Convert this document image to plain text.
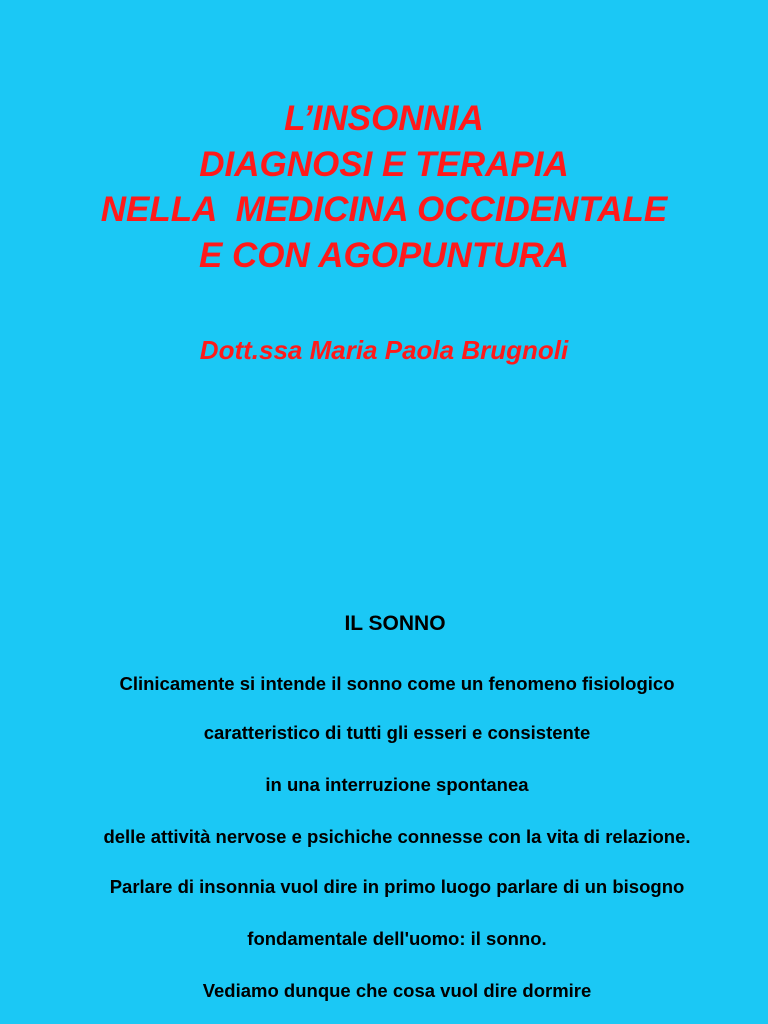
L’INSONNIA
DIAGNOSI E TERAPIA
NELLA  MEDICINA OCCIDENTALE
E CON AGOPUNTURA
Dott.ssa Maria Paola Brugnoli
IL SONNO
Clinicamente si intende il sonno come un fenomeno fisiologico
caratteristico di tutti gli esseri e consistente
in una interruzione spontanea
delle attività nervose e psichiche connesse con la vita di relazione.
Parlare di insonnia vuol dire in primo luogo parlare di un bisogno
fondamentale dell'uomo: il sonno.
Vediamo dunque che cosa vuol dire dormire
